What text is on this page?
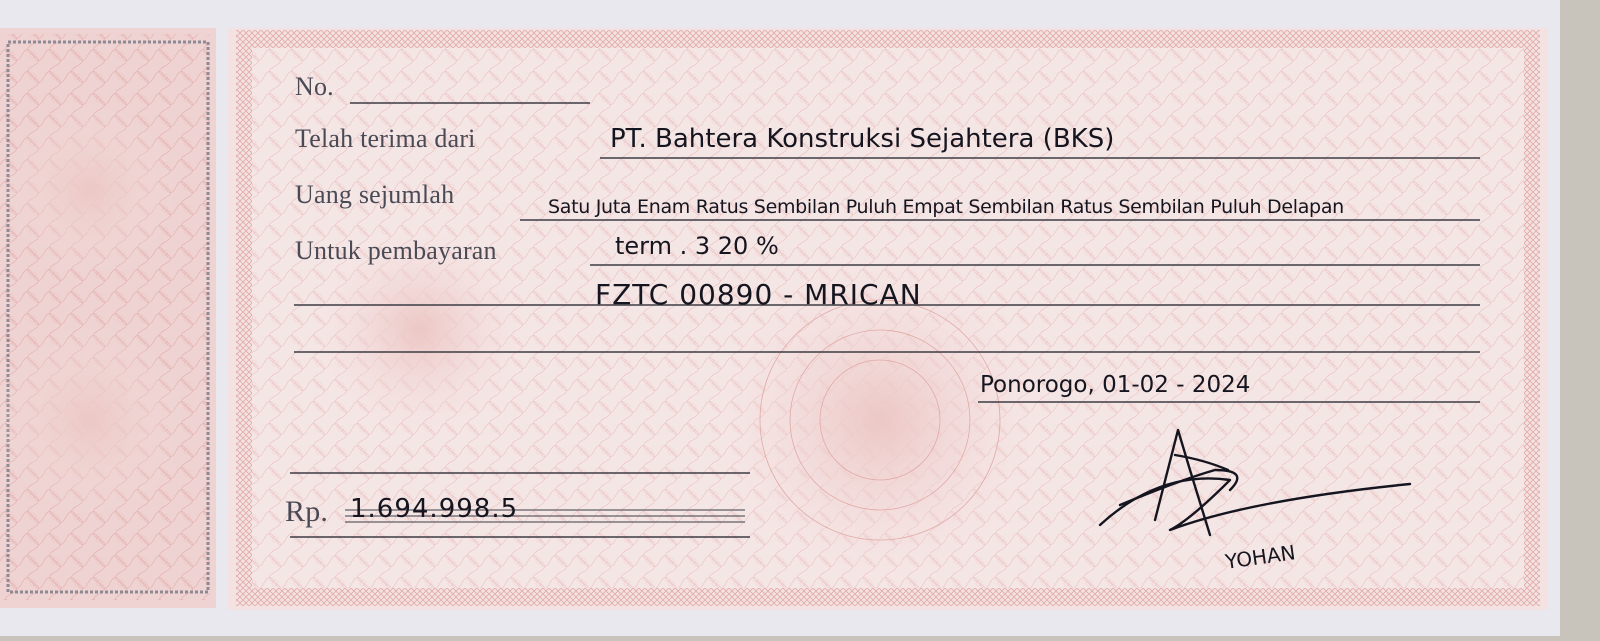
No.
Telah terima dari
Uang sejumlah
Untuk pembayaran
Rp.
PT. Bahtera Konstruksi Sejahtera (BKS)
Satu Juta Enam Ratus Sembilan Puluh Empat Sembilan Ratus Sembilan Puluh Delapan
term . 3 20 %
FZTC 00890 - MRICAN
Ponorogo, 01-02 - 2024
1.694.998.5
YOHAN
